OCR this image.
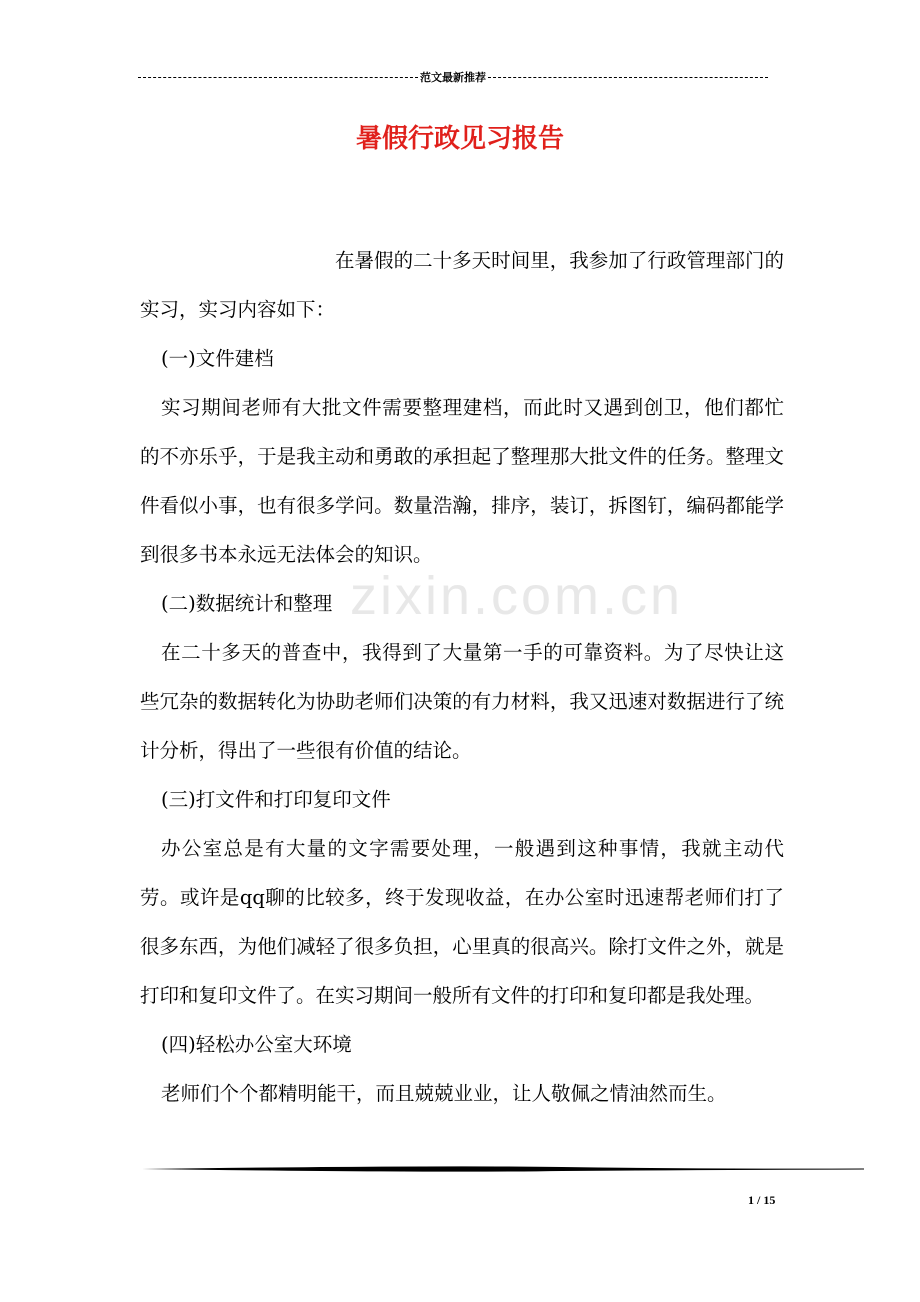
范文最新推荐
暑假行政见习报告
zixin.com.cn

在暑假的二十多天时间里，我参加了行政管理部门的实习，实习内容如下：

(一)文件建档

实习期间老师有大批文件需要整理建档，而此时又遇到创卫，他们都忙的不亦乐乎，于是我主动和勇敢的承担起了整理那大批文件的任务。整理文件看似小事，也有很多学问。数量浩瀚，排序，装订，拆图钉，编码都能学到很多书本永远无法体会的知识。

(二)数据统计和整理

在二十多天的普查中，我得到了大量第一手的可靠资料。为了尽快让这些冗杂的数据转化为协助老师们决策的有力材料，我又迅速对数据进行了统计分析，得出了一些很有价值的结论。

(三)打文件和打印复印文件

办公室总是有大量的文字需要处理，一般遇到这种事情，我就主动代劳。或许是qq聊的比较多，终于发现收益，在办公室时迅速帮老师们打了很多东西，为他们减轻了很多负担，心里真的很高兴。除打文件之外，就是打印和复印文件了。在实习期间一般所有文件的打印和复印都是我处理。

(四)轻松办公室大环境

老师们个个都精明能干，而且兢兢业业，让人敬佩之情油然而生。

1 / 15
